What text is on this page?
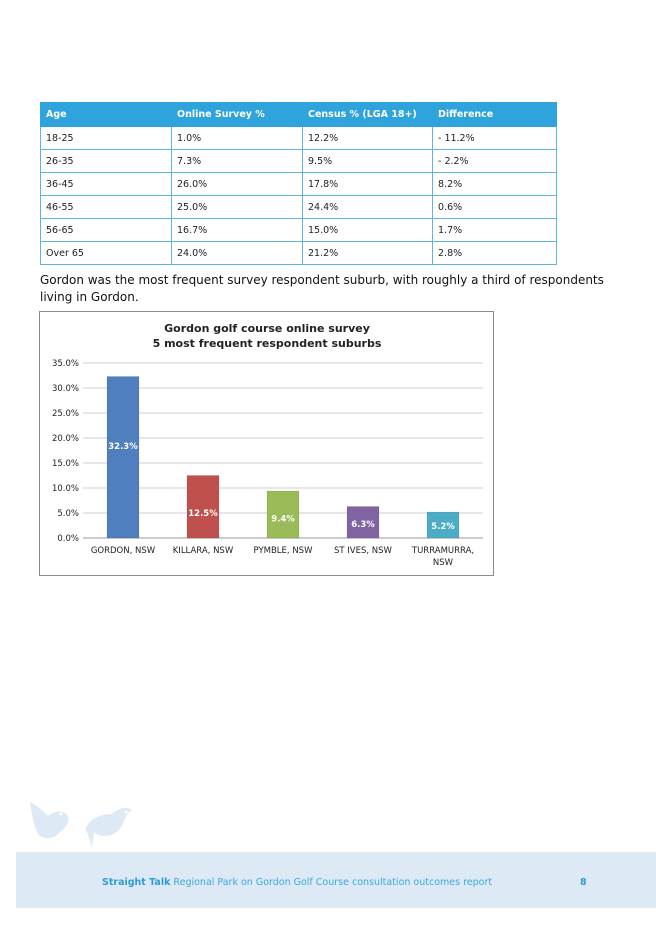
Age	Online Survey %	Census % (LGA 18+)	Difference
18-25	1.0%	12.2%	- 11.2%
26-35	7.3%	9.5%	- 2.2%
36-45	26.0%	17.8%	8.2%
46-55	25.0%	24.4%	0.6%
56-65	16.7%	15.0%	1.7%
Over 65	24.0%	21.2%	2.8%
Gordon was the most frequent survey respondent suburb, with roughly a third of respondents living in Gordon.
Gordon golf course online survey
5 most frequent respondent suburbs
0.0%
5.0%
10.0%
15.0%
20.0%
25.0%
30.0%
35.0%
32.3%
GORDON, NSW
12.5%
KILLARA, NSW
9.4%
PYMBLE, NSW
6.3%
ST IVES, NSW
5.2%
TURRAMURRA, NSW
Straight Talk Regional Park on Gordon Golf Course consultation outcomes report	8
